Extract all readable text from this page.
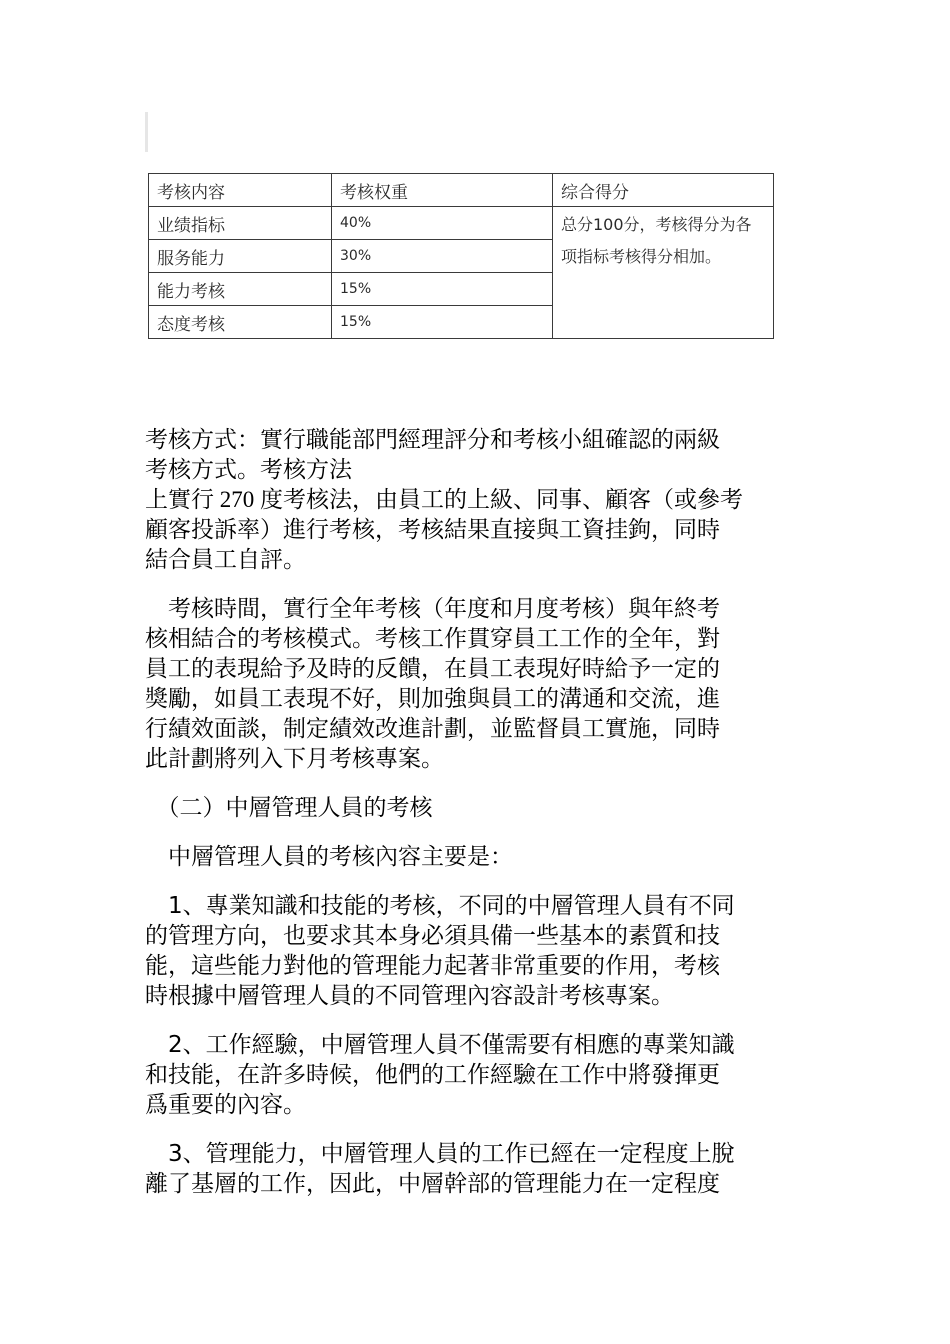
考核内容	考核权重	综合得分
业绩指标	40%	总分100分，考核得分为各
项指标考核得分相加。

服务能力	30%	
能力考核	15%	
态度考核	15%	
考核方式：實行職能部門經理評分和考核小組確認的兩級
考核方式。考核方法
上實行 270 度考核法，由員工的上級、同事、顧客（或參考
顧客投訴率）進行考核，考核結果直接與工資挂鉤，同時
結合員工自評。
　考核時間，實行全年考核（年度和月度考核）與年終考
核相結合的考核模式。考核工作貫穿員工工作的全年，對
員工的表現給予及時的反饋，在員工表現好時給予一定的
獎勵，如員工表現不好，則加強與員工的溝通和交流，進
行績效面談，制定績效改進計劃，並監督員工實施，同時
此計劃將列入下月考核專案。
　（二）中層管理人員的考核
　中層管理人員的考核內容主要是：
　1、專業知識和技能的考核，不同的中層管理人員有不同
的管理方向，也要求其本身必須具備一些基本的素質和技
能，這些能力對他的管理能力起著非常重要的作用，考核
時根據中層管理人員的不同管理內容設計考核專案。
　2、工作經驗，中層管理人員不僅需要有相應的專業知識
和技能，在許多時候，他們的工作經驗在工作中將發揮更
爲重要的內容。
　3、管理能力，中層管理人員的工作已經在一定程度上脫
離了基層的工作，因此，中層幹部的管理能力在一定程度
